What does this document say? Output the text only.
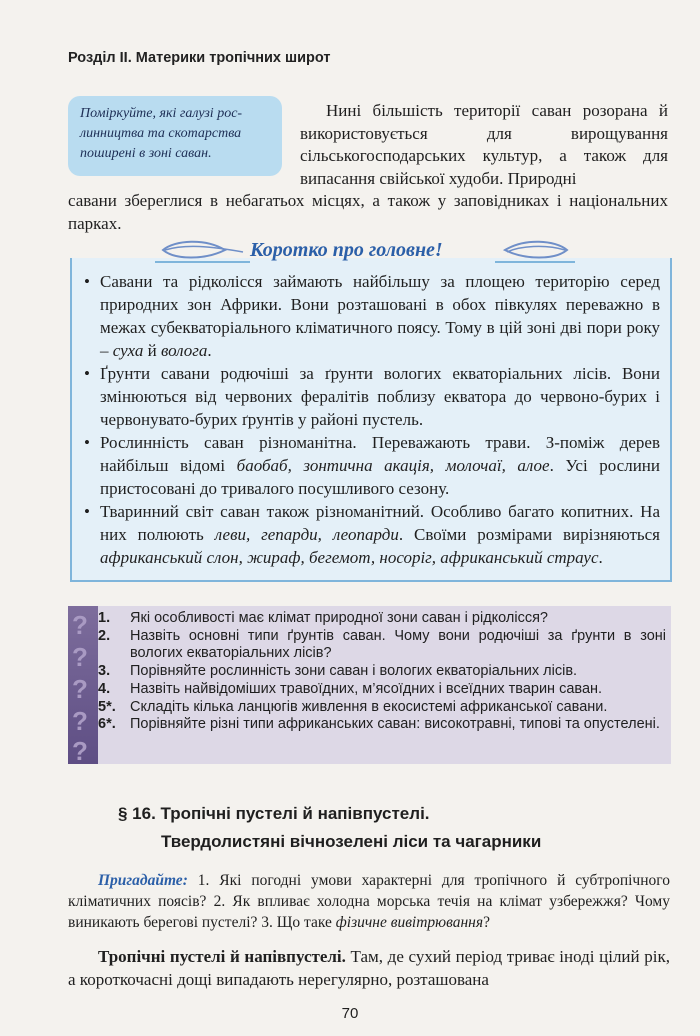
Розділ ІІ. Материки тропічних широт
Поміркуйте, які галузі рослинництва та скотарства поширені в зоні саван.
Нині більшість території саван розорана й використовується для вирощування сільськогосподарських культур, а також для випасання свійської худоби. Природні
савани збереглися в небагатьох місцях, а також у заповідниках і національних парках.
Коротко про головне!
• Савани та рідколісся займають найбільшу за площею територію серед природних зон Африки. Вони розташовані в обох півкулях переважно в межах субекваторіального кліматичного поясу. Тому в цій зоні дві пори року – суха й волога.
• Ґрунти савани родючіші за ґрунти вологих екваторіальних лісів. Вони змінюються від червоних фералітів поблизу екватора до червоно-бурих і червонувато-бурих ґрунтів у районі пустель.
• Рослинність саван різноманітна. Переважають трави. З-поміж дерев найбільш відомі баобаб, зонтична акація, молочаї, алое. Усі рослини пристосовані до тривалого посушливого сезону.
• Тваринний світ саван також різноманітний. Особливо багато копитних. На них полюють леви, гепарди, леопарди. Своїми розмірами вирізняються африканський слон, жираф, бегемот, носоріг, африканський страус.
?
?
?
?
?
1. Які особливості має клімат природної зони саван і рідколісся?
2. Назвіть основні типи ґрунтів саван. Чому вони родючіші за ґрунти в зоні вологих екваторіальних лісів?
3. Порівняйте рослинність зони саван і вологих екваторіальних лісів.
4. Назвіть найвідоміших травоїдних, м’ясоїдних і всеїдних тварин саван.
5*. Складіть кілька ланцюгів живлення в екосистемі африканської савани.
6*. Порівняйте різні типи африканських саван: високотравні, типові та опустелені.
§ 16. Тропічні пустелі й напівпустелі.
Твердолистяні вічнозелені ліси та чагарники
Пригадайте: 1. Які погодні умови характерні для тропічного й субтропічного кліматичних поясів? 2. Як впливає холодна морська течія на клімат узбережжя? Чому виникають берегові пустелі? 3. Що таке фізичне вивітрювання?
Тропічні пустелі й напівпустелі. Там, де сухий період триває іноді цілий рік, а короткочасні дощі випадають нерегулярно, розташована
70
